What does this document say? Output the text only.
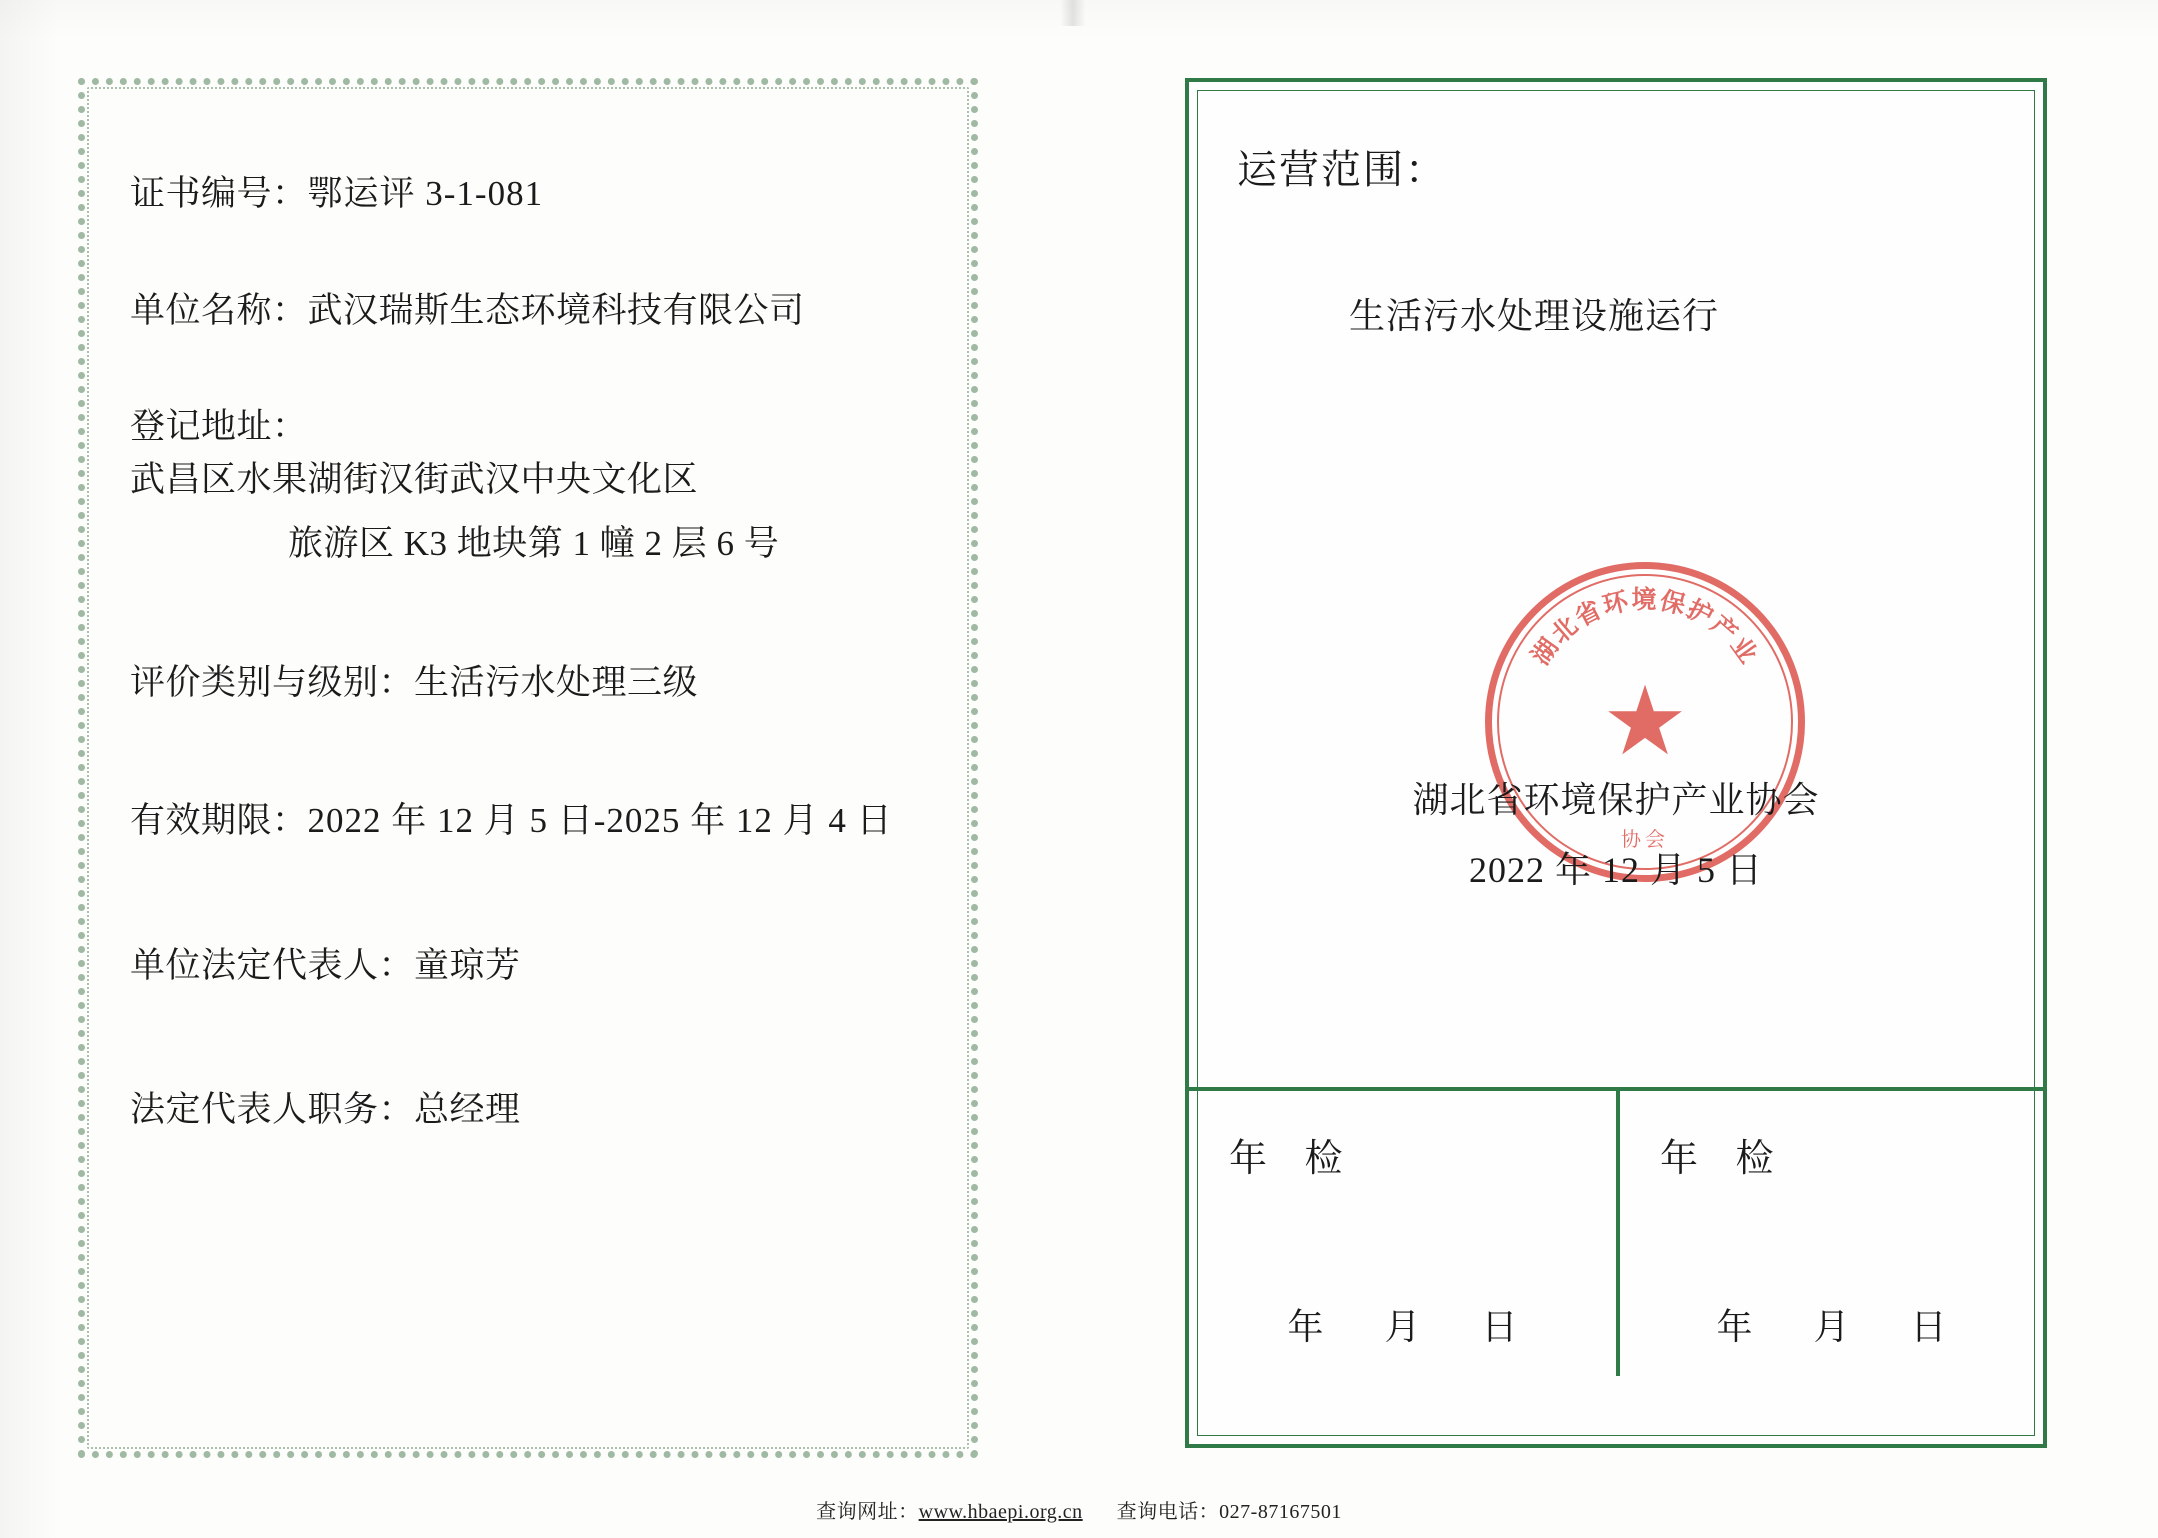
证书编号： 鄂运评 3-1-081
单位名称： 武汉瑞斯生态环境科技有限公司
登记地址：
武昌区水果湖街汉街武汉中央文化区
旅游区 K3 地块第 1 幢 2 层 6 号
评价类别与级别： 生活污水处理三级
有效期限： 2022 年 12 月 5 日-2025 年 12 月 4 日
单位法定代表人： 童琼芳
法定代表人职务： 总经理
运营范围：
生活污水处理设施运行
湖北省环境保护产业
★
协会
湖北省环境保护产业协会
2022 年 12 月 5 日
年 检
年 月 日
年 检
年 月 日
查询网址：www.hbaepi.org.cn 查询电话：027-87167501
